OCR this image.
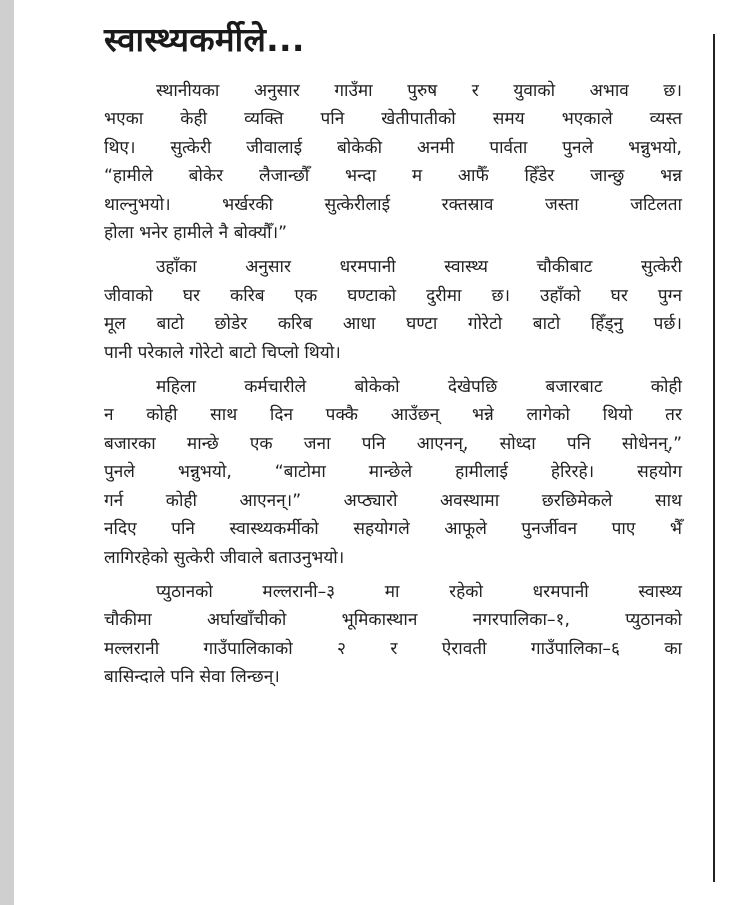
स्वास्थ्यकर्मीले...

स्थानीयका अनुसार गाउँमा पुरुष र युवाको अभाव छ।
भएका केही व्यक्ति पनि खेतीपातीको समय भएकाले व्यस्त
थिए। सुत्केरी जीवालाई बोकेकी अनमी पार्वता पुनले भन्नुभयो,
“हामीले बोकेर लैजान्छौँ भन्दा म आफैँ हिँडेर जान्छु भन्न
थाल्नुभयो। भर्खरकी सुत्केरीलाई रक्तस्राव जस्ता जटिलता
होला भनेर हामीले नै बोक्यौँ।”

उहाँका अनुसार धरमपानी स्वास्थ्य चौकीबाट सुत्केरी
जीवाको घर करिब एक घण्टाको दुरीमा छ। उहाँको घर पुग्न
मूल बाटो छोडेर करिब आधा घण्टा गोरेटो बाटो हिँड्नु पर्छ।
पानी परेकाले गोरेटो बाटो चिप्लो थियो।

महिला कर्मचारीले बोकेको देखेपछि बजारबाट कोही
न कोही साथ दिन पक्कै आउँछन् भन्ने लागेको थियो तर
बजारका मान्छे एक जना पनि आएनन्, सोध्दा पनि सोधेनन्,”
पुनले भन्नुभयो, “बाटोमा मान्छेले हामीलाई हेरिरहे। सहयोग
गर्न कोही आएनन्।” अप्ठ्यारो अवस्थामा छरछिमेकले साथ
नदिए पनि स्वास्थ्यकर्मीको सहयोगले आफूले पुनर्जीवन पाए भैँ
लागिरहेको सुत्केरी जीवाले बताउनुभयो।

प्युठानको मल्लरानी–३ मा रहेको धरमपानी स्वास्थ्य
चौकीमा अर्घाखाँचीको भूमिकास्थान नगरपालिका–१, प्युठानको
मल्लरानी गाउँपालिकाको २ र ऐरावती गाउँपालिका–६ का
बासिन्दाले पनि सेवा लिन्छन्।
